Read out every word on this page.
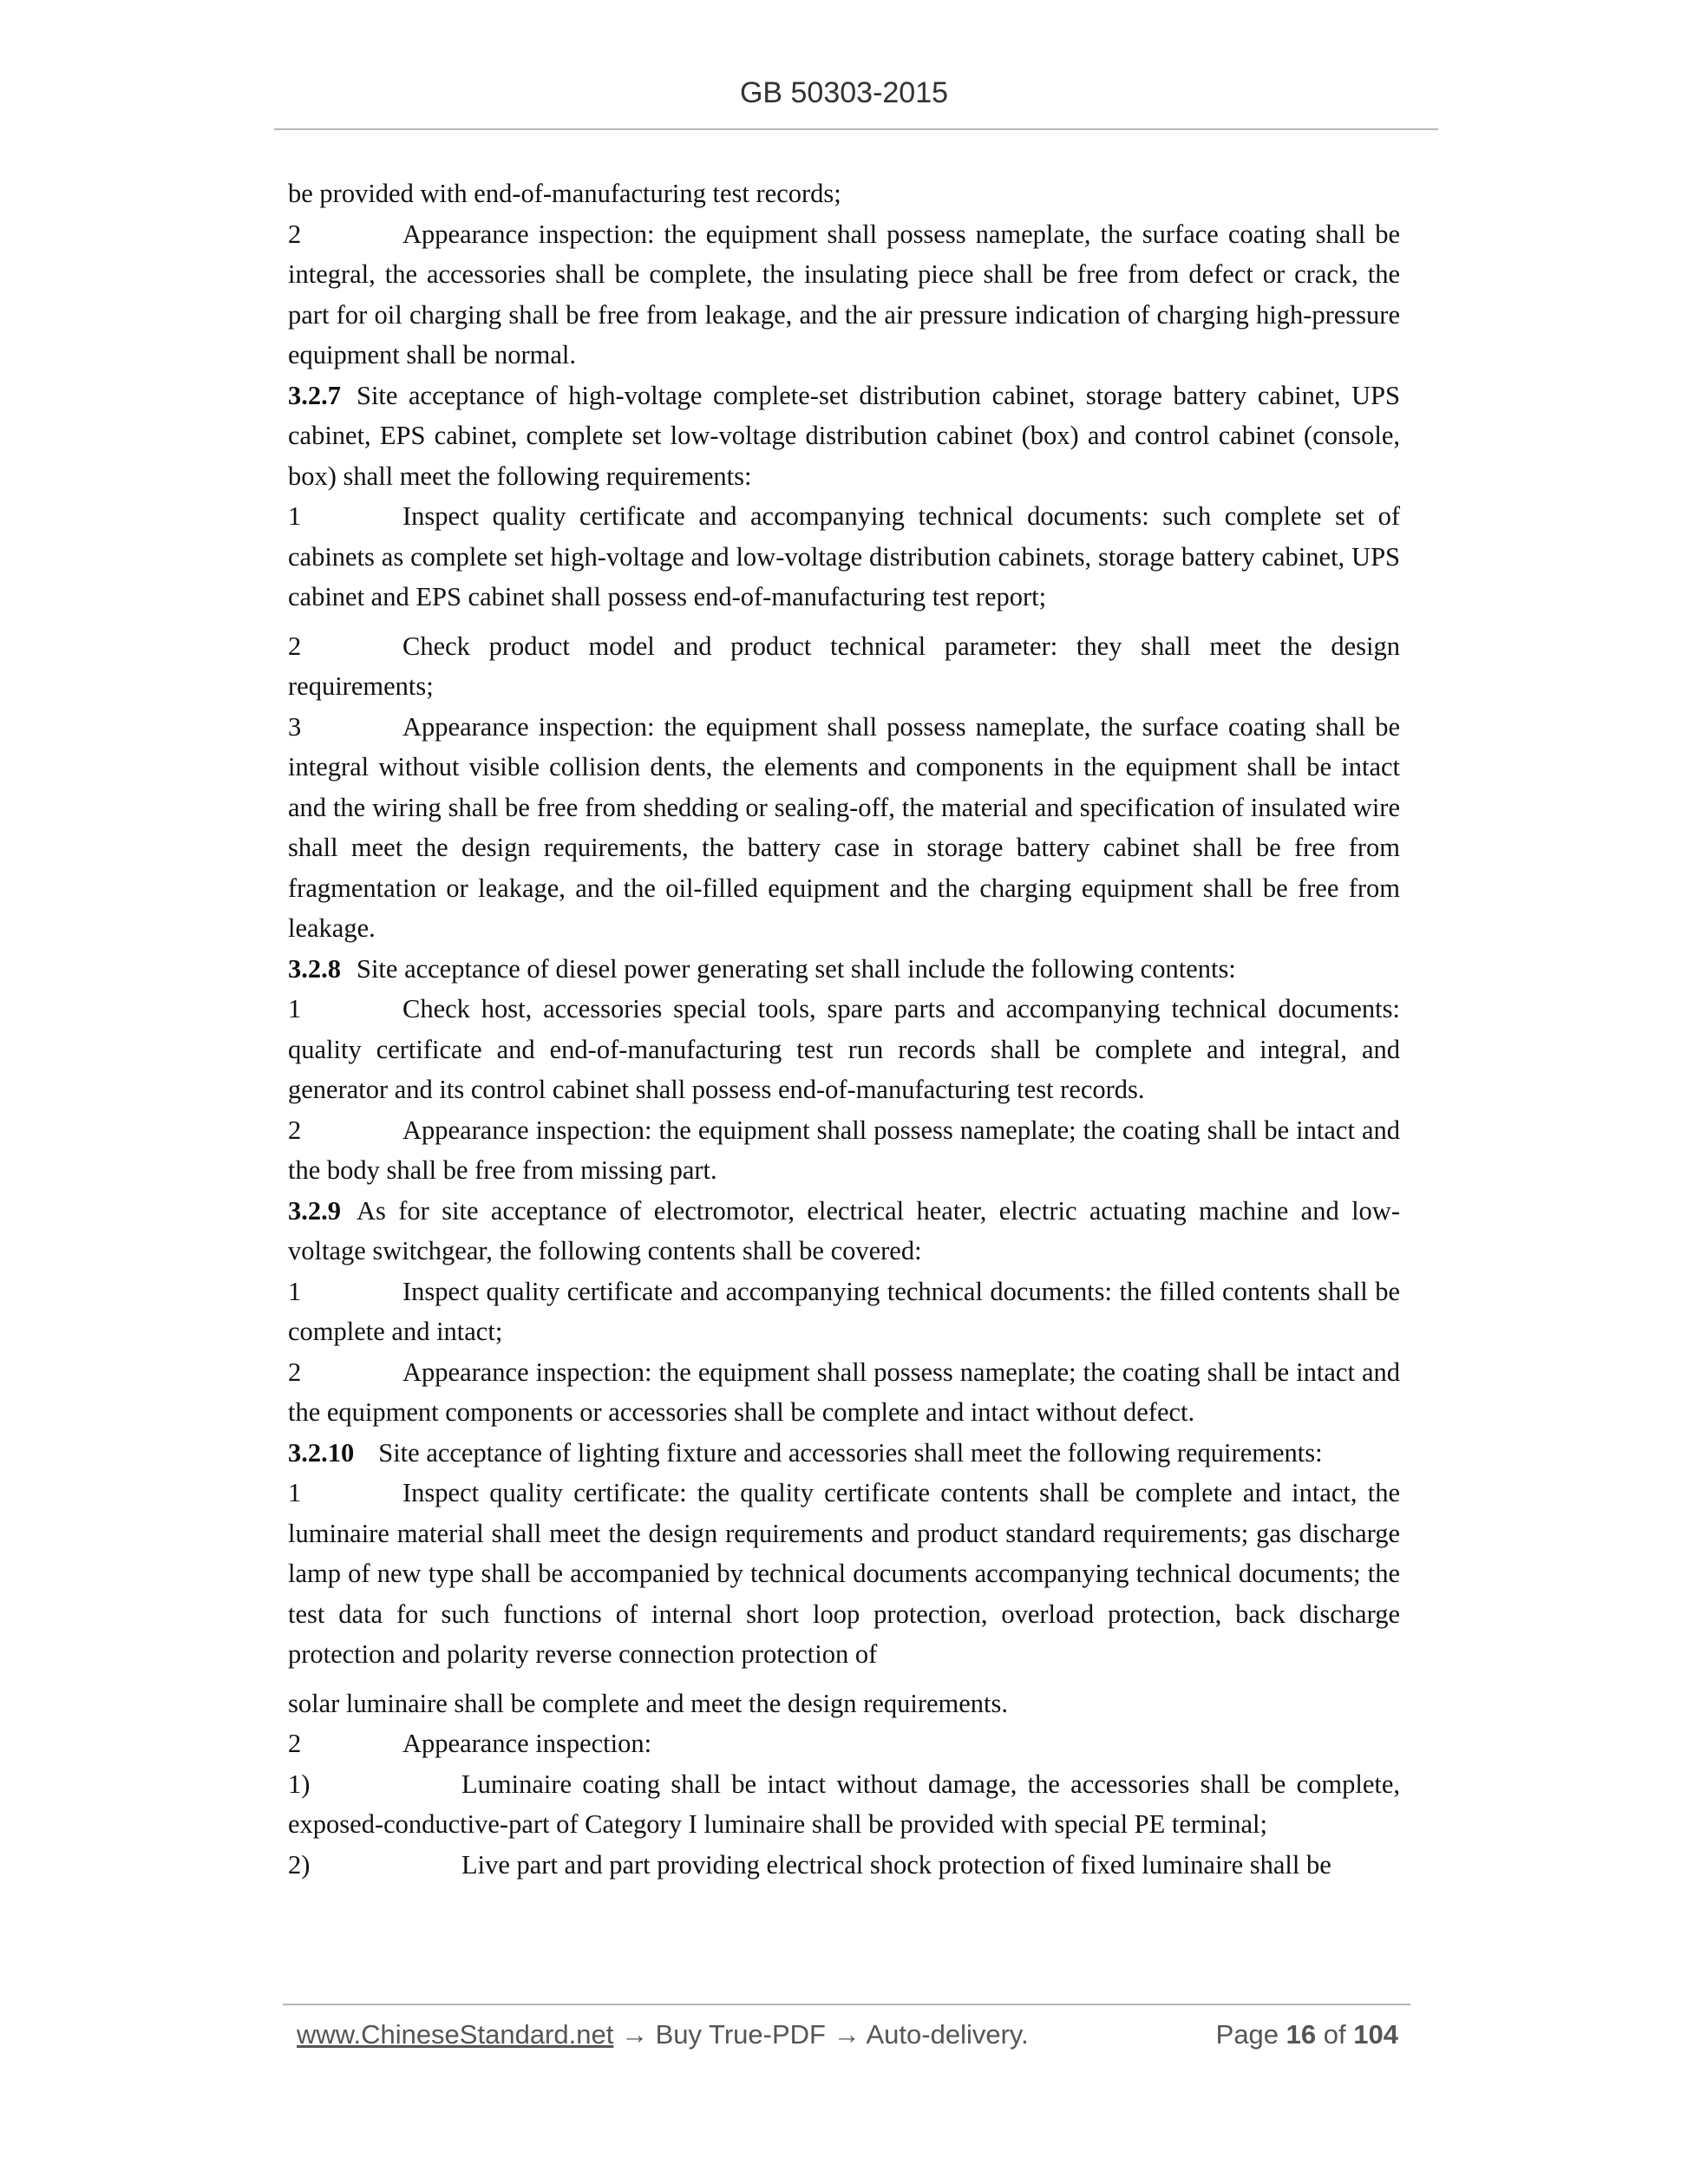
GB 50303-2015

be provided with end-of-manufacturing test records;

2	Appearance inspection: the equipment shall possess nameplate, the surface coating shall be integral, the accessories shall be complete, the insulating piece shall be free from defect or crack, the part for oil charging shall be free from leakage, and the air pressure indication of charging high-pressure equipment shall be normal.

3.2.7 Site acceptance of high-voltage complete-set distribution cabinet, storage battery cabinet, UPS cabinet, EPS cabinet, complete set low-voltage distribution cabinet (box) and control cabinet (console, box) shall meet the following requirements:

1	Inspect quality certificate and accompanying technical documents: such complete set of cabinets as complete set high-voltage and low-voltage distribution cabinets, storage battery cabinet, UPS cabinet and EPS cabinet shall possess end-of-manufacturing test report;

2	Check product model and product technical parameter: they shall meet the design requirements;

3	Appearance inspection: the equipment shall possess nameplate, the surface coating shall be integral without visible collision dents, the elements and components in the equipment shall be intact and the wiring shall be free from shedding or sealing-off, the material and specification of insulated wire shall meet the design requirements, the battery case in storage battery cabinet shall be free from fragmentation or leakage, and the oil-filled equipment and the charging equipment shall be free from leakage.

3.2.8 Site acceptance of diesel power generating set shall include the following contents:

1	Check host, accessories special tools, spare parts and accompanying technical documents: quality certificate and end-of-manufacturing test run records shall be complete and integral, and generator and its control cabinet shall possess end-of-manufacturing test records.

2	Appearance inspection: the equipment shall possess nameplate; the coating shall be intact and the body shall be free from missing part.

3.2.9 As for site acceptance of electromotor, electrical heater, electric actuating machine and low-voltage switchgear, the following contents shall be covered:

1	Inspect quality certificate and accompanying technical documents: the filled contents shall be complete and intact;

2	Appearance inspection: the equipment shall possess nameplate; the coating shall be intact and the equipment components or accessories shall be complete and intact without defect.

3.2.10 Site acceptance of lighting fixture and accessories shall meet the following requirements:

1	Inspect quality certificate: the quality certificate contents shall be complete and intact, the luminaire material shall meet the design requirements and product standard requirements; gas discharge lamp of new type shall be accompanied by technical documents accompanying technical documents; the test data for such functions of internal short loop protection, overload protection, back discharge protection and polarity reverse connection protection of

solar luminaire shall be complete and meet the design requirements.

2	Appearance inspection:

1)	Luminaire coating shall be intact without damage, the accessories shall be complete, exposed-conductive-part of Category I luminaire shall be provided with special PE terminal;

2)	Live part and part providing electrical shock protection of fixed luminaire shall be

www.ChineseStandard.net → Buy True-PDF → Auto-delivery.	Page 16 of 104
